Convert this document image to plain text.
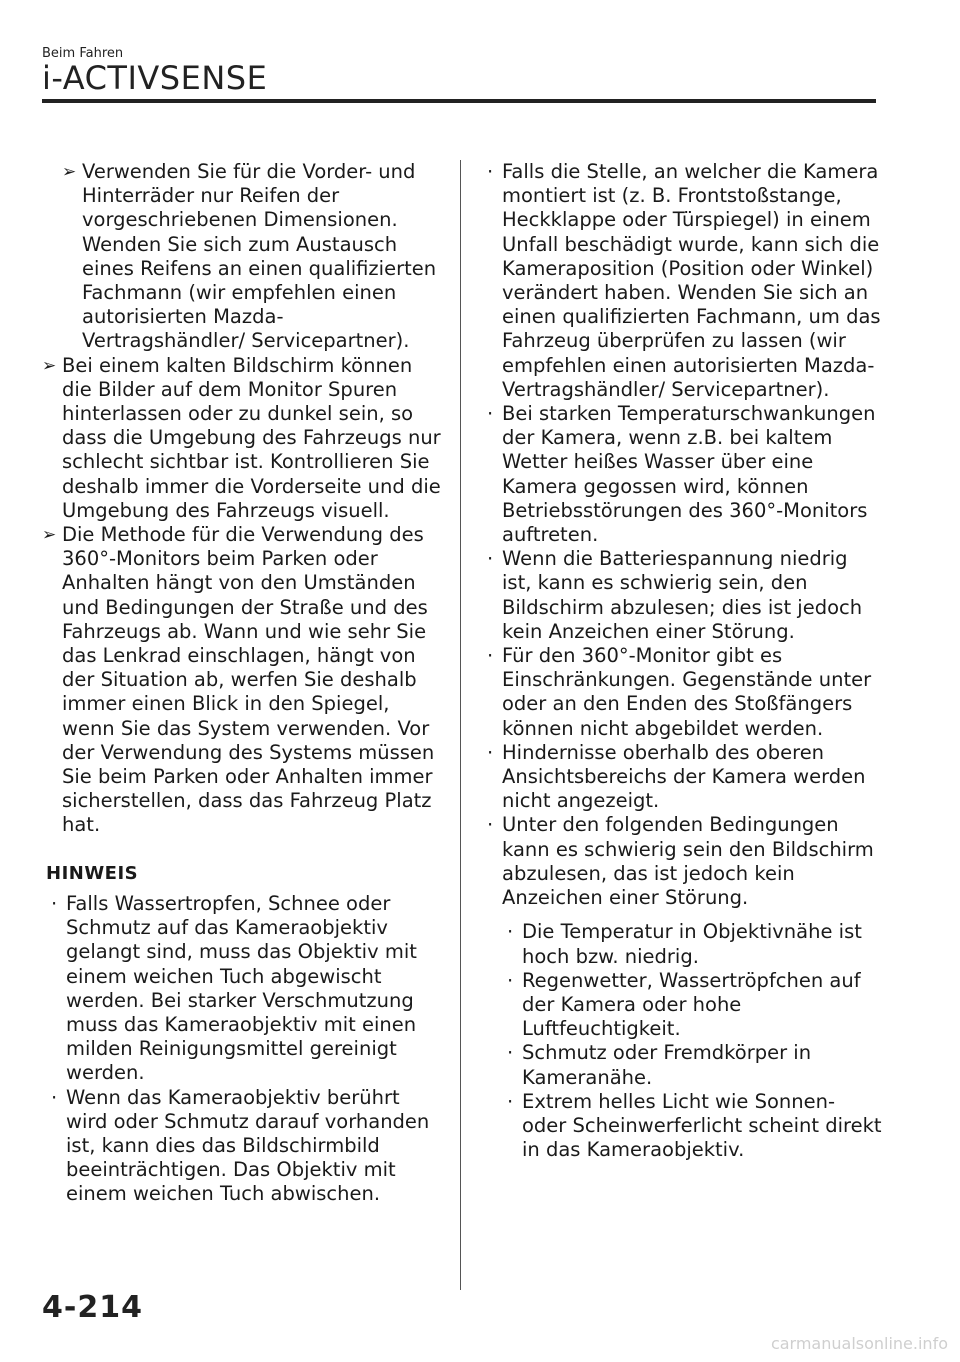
Beim Fahren
i-ACTIVSENSE
➢ Verwenden Sie für die Vorder- und Hinterräder nur Reifen der vorgeschriebenen Dimensionen. Wenden Sie sich zum Austausch eines Reifens an einen qualifizierten Fachmann (wir empfehlen einen autorisierten Mazda-Vertragshändler/ Servicepartner).
➢ Bei einem kalten Bildschirm können die Bilder auf dem Monitor Spuren hinterlassen oder zu dunkel sein, so dass die Umgebung des Fahrzeugs nur schlecht sichtbar ist. Kontrollieren Sie deshalb immer die Vorderseite und die Umgebung des Fahrzeugs visuell.
➢ Die Methode für die Verwendung des 360°-Monitors beim Parken oder Anhalten hängt von den Umständen und Bedingungen der Straße und des Fahrzeugs ab. Wann und wie sehr Sie das Lenkrad einschlagen, hängt von der Situation ab, werfen Sie deshalb immer einen Blick in den Spiegel, wenn Sie das System verwenden. Vor der Verwendung des Systems müssen Sie beim Parken oder Anhalten immer sicherstellen, dass das Fahrzeug Platz hat.
HINWEIS
· Falls Wassertropfen, Schnee oder Schmutz auf das Kameraobjektiv gelangt sind, muss das Objektiv mit einem weichen Tuch abgewischt werden. Bei starker Verschmutzung muss das Kameraobjektiv mit einen milden Reinigungsmittel gereinigt werden.
· Wenn das Kameraobjektiv berührt wird oder Schmutz darauf vorhanden ist, kann dies das Bildschirmbild beeinträchtigen. Das Objektiv mit einem weichen Tuch abwischen.
· Falls die Stelle, an welcher die Kamera montiert ist (z. B. Frontstoßstange, Heckklappe oder Türspiegel) in einem Unfall beschädigt wurde, kann sich die Kameraposition (Position oder Winkel) verändert haben. Wenden Sie sich an einen qualifizierten Fachmann, um das Fahrzeug überprüfen zu lassen (wir empfehlen einen autorisierten Mazda-Vertragshändler/ Servicepartner).
· Bei starken Temperaturschwankungen der Kamera, wenn z.B. bei kaltem Wetter heißes Wasser über eine Kamera gegossen wird, können Betriebsstörungen des 360°-Monitors auftreten.
· Wenn die Batteriespannung niedrig ist, kann es schwierig sein, den Bildschirm abzulesen; dies ist jedoch kein Anzeichen einer Störung.
· Für den 360°-Monitor gibt es Einschränkungen. Gegenstände unter oder an den Enden des Stoßfängers können nicht abgebildet werden.
· Hindernisse oberhalb des oberen Ansichtsbereichs der Kamera werden nicht angezeigt.
· Unter den folgenden Bedingungen kann es schwierig sein den Bildschirm abzulesen, das ist jedoch kein Anzeichen einer Störung.
· Die Temperatur in Objektivnähe ist hoch bzw. niedrig.
· Regenwetter, Wassertröpfchen auf der Kamera oder hohe Luftfeuchtigkeit.
· Schmutz oder Fremdkörper in Kameranähe.
· Extrem helles Licht wie Sonnen- oder Scheinwerferlicht scheint direkt in das Kameraobjektiv.
4-214
carmanualsonline.info
